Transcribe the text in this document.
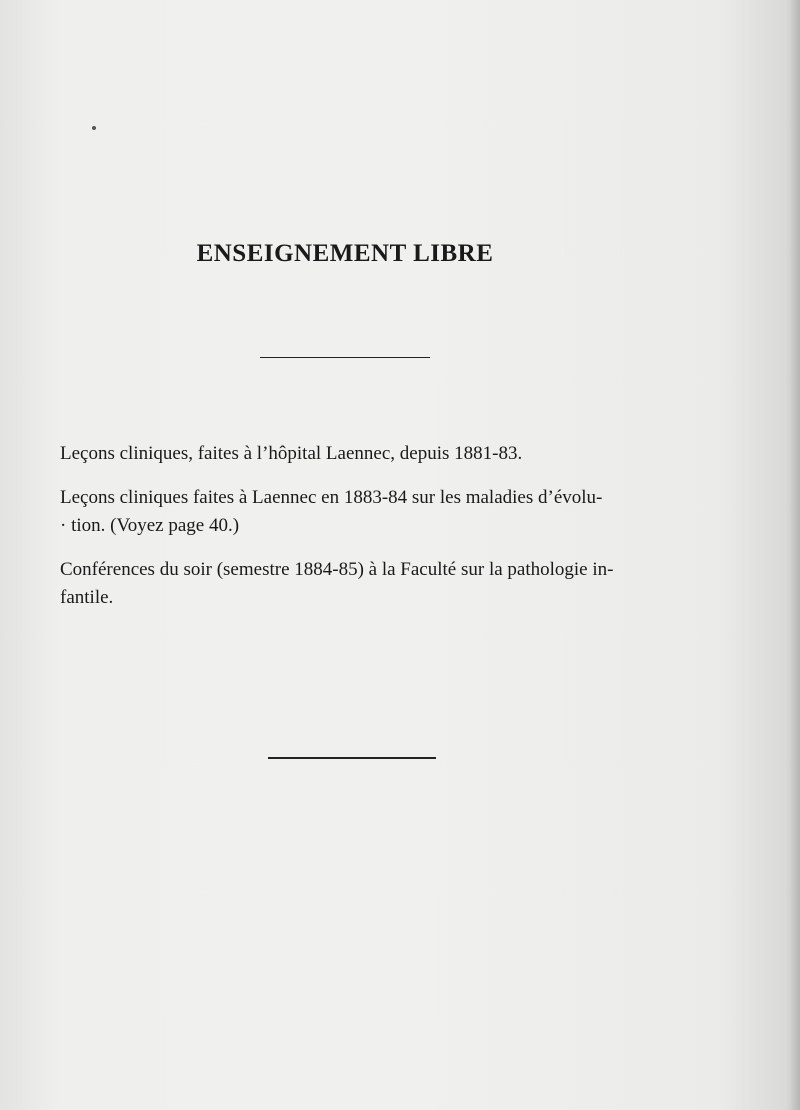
ENSEIGNEMENT LIBRE
Leçons cliniques, faites à l’hôpital Laennec, depuis 1881-83.
Leçons cliniques faites à Laennec en 1883-84 sur les maladies d’évolu-
· tion. (Voyez page 40.)
Conférences du soir (semestre 1884-85) à la Faculté sur la pathologie in-
fantile.
